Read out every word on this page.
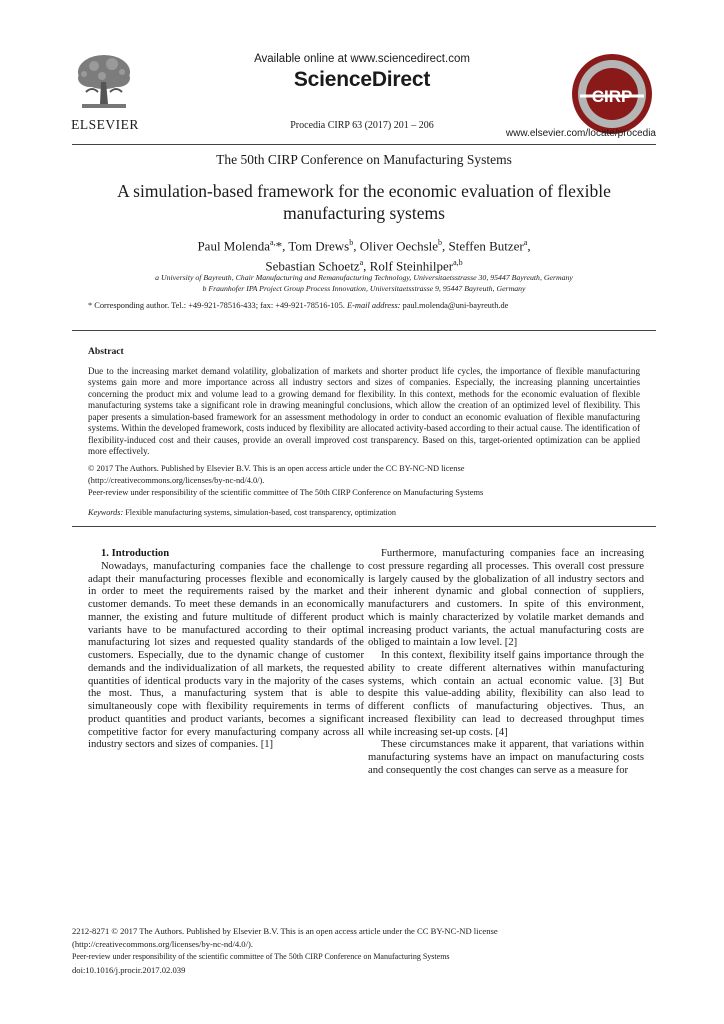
ELSEVIER
Available online at www.sciencedirect.com
ScienceDirect
Procedia CIRP 63 (2017) 201 – 206
CIRP
www.elsevier.com/locate/procedia
The 50th CIRP Conference on Manufacturing Systems
A simulation-based framework for the economic evaluation of flexible
manufacturing systems
Paul Molenda$^{a,}$*, Tom Drews$^b$, Oliver Oechsle$^b$, Steffen Butzer$^a$,
Sebastian Schoetz$^a$, Rolf Steinhilper$^{a,b}$
a University of Bayreuth, Chair Manufacturing and Remanufacturing Technology, Universitaetsstrasse 30, 95447 Bayreuth, Germany
b Fraunhofer IPA Project Group Process Innovation, Universitaetsstrasse 9, 95447 Bayreuth, Germany
* Corresponding author. Tel.: +49-921-78516-433; fax: +49-921-78516-105. E-mail address: paul.molenda@uni-bayreuth.de
Abstract
Due to the increasing market demand volatility, globalization of markets and shorter product life cycles, the importance of flexible manufacturing systems gain more and more importance across all industry sectors and sizes of companies. Especially, the increasing planning uncertainties concerning the product mix and volume lead to a growing demand for flexibility. In this context, methods for the economic evaluation of flexible manufacturing systems take a significant role in drawing meaningful conclusions, which allow the creation of an optimized level of flexibility. This paper presents a simulation-based framework for an assessment methodology in order to conduct an economic evaluation of flexible manufacturing systems. Within the developed framework, costs induced by flexibility are allocated activity-based according to their actual cause. The identification of flexibility-induced cost and their causes, provide an overall improved cost transparency. Based on this, target-oriented optimization can be applied more effectively.
© 2017 The Authors. Published by Elsevier B.V. This is an open access article under the CC BY-NC-ND license
(http://creativecommons.org/licenses/by-nc-nd/4.0/).
Peer-review under responsibility of the scientific committee of The 50th CIRP Conference on Manufacturing Systems
Keywords: Flexible manufacturing systems, simulation-based, cost transparency, optimization

1. Introduction

Nowadays, manufacturing companies face the challenge to adapt their manufacturing processes flexible and economically in order to meet the requirements raised by the market and customer demands. To meet these demands in an economically manner, the existing and future multitude of different product variants have to be manufactured according to their optimal manufacturing lot sizes and requested quality standards of the customers. Especially, due to the dynamic change of customer demands and the individualization of all markets, the requested quantities of identical products vary in the majority of the cases the most. Thus, a manufacturing system that is able to simultaneously cope with flexibility requirements in terms of product quantities and product variants, becomes a significant competitive factor for every manufacturing company across all industry sectors and sizes of companies. [1]

Furthermore, manufacturing companies face an increasing cost pressure regarding all processes. This overall cost pressure is largely caused by the globalization of all industry sectors and their inherent dynamic and global connection of suppliers, manufacturers and customers. In spite of this environment, which is mainly characterized by volatile market demands and increasing product variants, the actual manufacturing costs are obliged to maintain a low level. [2]

In this context, flexibility itself gains importance through the ability to create different alternatives within manufacturing systems, which contain an actual economic value. [3] But despite this value-adding ability, flexibility can also lead to different conflicts of manufacturing objectives. Thus, an increased flexibility can lead to decreased throughput times while increasing set-up costs. [4]

These circumstances make it apparent, that variations within manufacturing systems have an impact on manufacturing costs and consequently the cost changes can serve as a measure for

2212-8271 © 2017 The Authors. Published by Elsevier B.V. This is an open access article under the CC BY-NC-ND license
(http://creativecommons.org/licenses/by-nc-nd/4.0/).
Peer-review under responsibility of the scientific committee of The 50th CIRP Conference on Manufacturing Systems
doi:10.1016/j.procir.2017.02.039
